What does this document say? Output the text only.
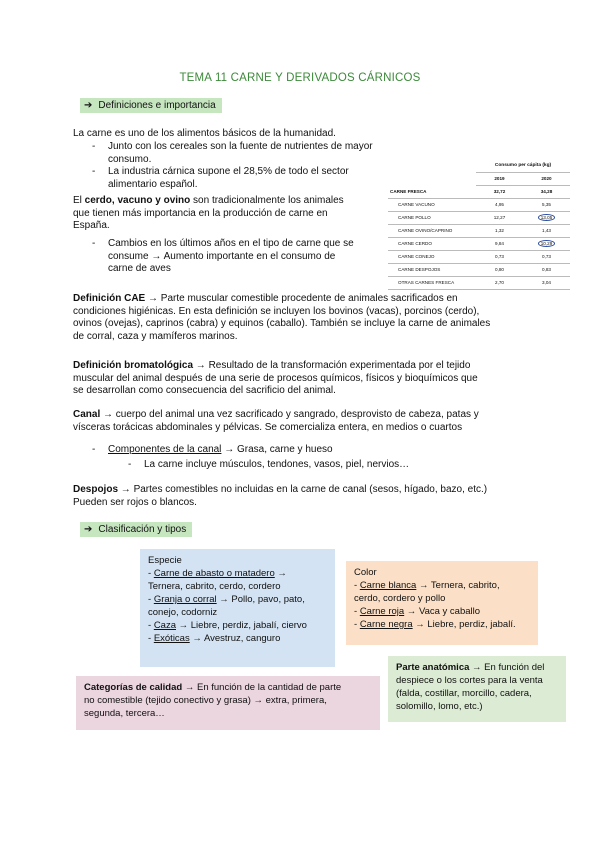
TEMA 11 CARNE Y DERIVADOS CÁRNICOS
➔ Definiciones e importancia

La carne es uno de los alimentos básicos de la humanidad.

- Junto con los cereales son la fuente de nutrientes de mayor consumo.
- La industria cárnica supone el 28,5% de todo el sector
alimentario español.

El cerdo, vacuno y ovino son tradicionalmente los animales

que tienen más importancia en la producción de carne en

España.

- Cambios en los últimos años en el tipo de carne que se
consume → Aumento importante en el consumo de
carne de aves
	Consumo per cápita (kg)	
	2019	2020
CARNE FRESCA	32,72	34,28
CARNE VACUNO	4,95	5,35
CARNE POLLO	12,27	13,05
CARNE OVINO/CAPRINO	1,32	1,43
CARNE CERDO	9,84	10,29
CARNE CONEJO	0,73	0,73
CARNE DESPOJOS	0,80	0,83
OTRAS CARNES FRESCA	2,70	3,04

Definición CAE → Parte muscular comestible procedente de animales sacrificados en

condiciones higiénicas. En esta definición se incluyen los bovinos (vacas), porcinos (cerdo),

ovinos (ovejas), caprinos (cabra) y equinos (caballo). También se incluye la carne de animales

de corral, caza y mamíferos marinos.

Definición bromatológica → Resultado de la transformación experimentada por el tejido

muscular del animal después de una serie de procesos químicos, físicos y bioquímicos que

se desarrollan como consecuencia del sacrificio del animal.

Canal → cuerpo del animal una vez sacrificado y sangrado, desprovisto de cabeza, patas y

vísceras torácicas abdominales y pélvicas. Se comercializa entera, en medios o cuartos

- Componentes de la canal → Grasa, carne y hueso
- La carne incluye músculos, tendones, vasos, piel, nervios…

Despojos → Partes comestibles no incluidas en la carne de canal (sesos, hígado, bazo, etc.)

Pueden ser rojos o blancos.

➔ Clasificación y tipos
Especie
- Carne de abasto o matadero →
Ternera, cabrito, cerdo, cordero
- Granja o corral → Pollo, pavo, pato,
conejo, codorniz
- Caza → Liebre, perdiz, jabalí, ciervo
- Exóticas → Avestruz, canguro
Color
- Carne blanca → Ternera, cabrito,
cerdo, cordero y pollo
- Carne roja → Vaca y caballo
- Carne negra → Liebre, perdiz, jabalí.
Parte anatómica → En función del
despiece o los cortes para la venta
(falda, costillar, morcillo, cadera,
solomillo, lomo, etc.)
Categorías de calidad → En función de la cantidad de parte
no comestible (tejido conectivo y grasa) → extra, primera,
segunda, tercera…
